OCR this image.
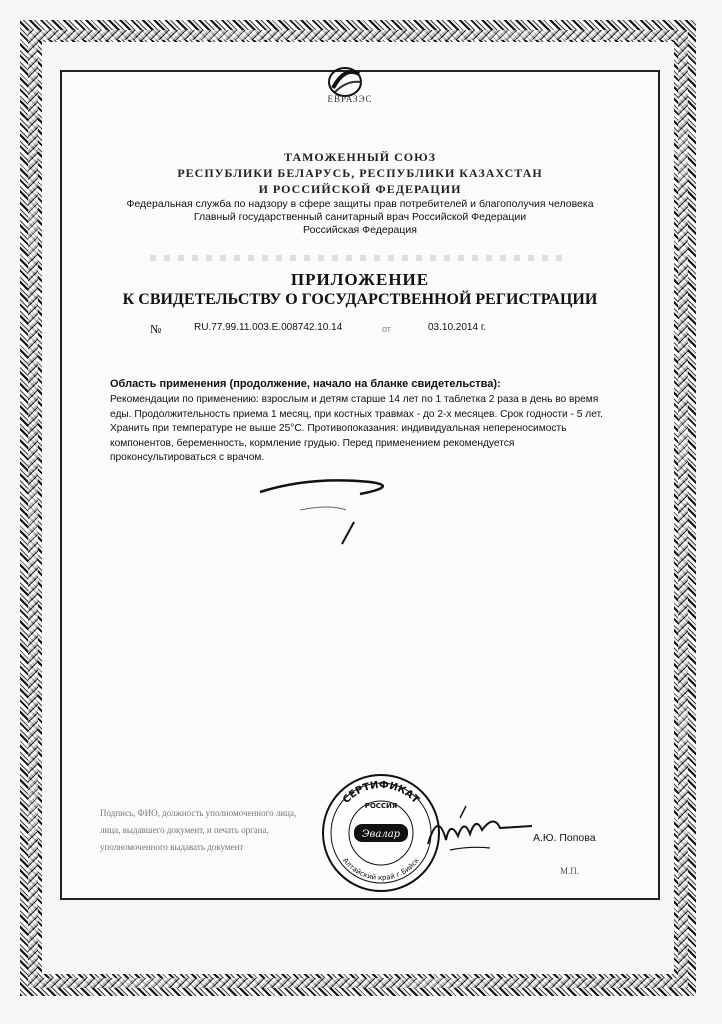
ЕВРАЗЭС
ТАМОЖЕННЫЙ СОЮЗ
РЕСПУБЛИКИ БЕЛАРУСЬ, РЕСПУБЛИКИ КАЗАХСТАН
И РОССИЙСКОЙ ФЕДЕРАЦИИ
Федеральная служба по надзору в сфере защиты прав потребителей и благополучия человека
Главный государственный санитарный врач Российской Федерации
Российская Федерация
ПРИЛОЖЕНИЕ
К СВИДЕТЕЛЬСТВУ О ГОСУДАРСТВЕННОЙ РЕГИСТРАЦИИ
№	RU.77.99.11.003.E.008742.10.14	от	03.10.2014 г.
Область применения (продолжение, начало на бланке свидетельства):
Рекомендации по применению: взрослым и детям старше 14 лет по 1 таблетка 2 раза в день во время еды. Продолжительность приема 1 месяц, при костных травмах - до 2-х месяцев. Срок годности - 5 лет. Хранить при температуре не выше 25°С. Противопоказания: индивидуальная непереносимость компонентов, беременность, кормление грудью. Перед применением рекомендуется проконсультироваться с врачом.
Подпись, ФИО, должность уполномоченного лица,
лица, выдавшего документ, и печать органа,
уполномоченного выдавать документ
СЕРТИФИКАТ
Алтайский край г.Бийск
РОССИЯ
Эвалар	А.Ю. Попова
М.П.
